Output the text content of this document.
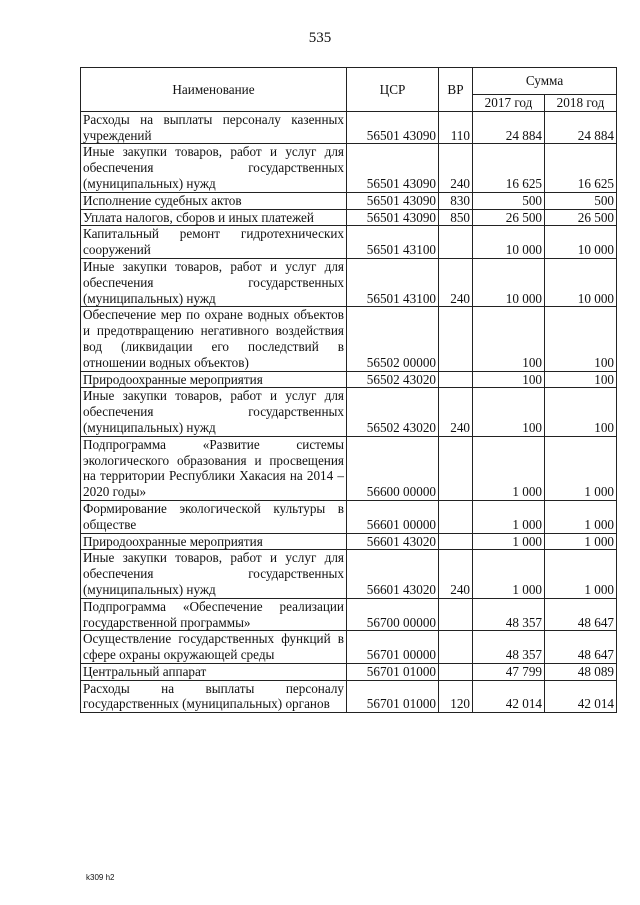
535
Наименование	ЦСР	ВР	Сумма	
			2017 год	2018 год
Расходы на выплаты персоналу казенных учреждений	56501 43090	110	24 884	24 884
Иные закупки товаров, работ и услуг для обеспечения государственных (муниципальных) нужд	56501 43090	240	16 625	16 625
Исполнение судебных актов	56501 43090	830	500	500
Уплата налогов, сборов и иных платежей	56501 43090	850	26 500	26 500
Капитальный ремонт гидротехнических сооружений	56501 43100		10 000	10 000
Иные закупки товаров, работ и услуг для обеспечения государственных (муниципальных) нужд	56501 43100	240	10 000	10 000
Обеспечение мер по охране водных объектов и предотвращению негативного воздействия вод (ликвидации его последствий в отношении водных объектов)	56502 00000		100	100
Природоохранные мероприятия	56502 43020		100	100
Иные закупки товаров, работ и услуг для обеспечения государственных (муниципальных) нужд	56502 43020	240	100	100
Подпрограмма «Развитие системы экологического образования и просвещения на территории Республики Хакасия на 2014 – 2020 годы»	56600 00000		1 000	1 000
Формирование экологической культуры в обществе	56601 00000		1 000	1 000
Природоохранные мероприятия	56601 43020		1 000	1 000
Иные закупки товаров, работ и услуг для обеспечения государственных (муниципальных) нужд	56601 43020	240	1 000	1 000
Подпрограмма «Обеспечение реализации государственной программы»	56700 00000		48 357	48 647
Осуществление государственных функций в сфере охраны окружающей среды	56701 00000		48 357	48 647
Центральный аппарат	56701 01000		47 799	48 089
Расходы на выплаты персоналу государственных (муниципальных) органов	56701 01000	120	42 014	42 014
k309 h2
